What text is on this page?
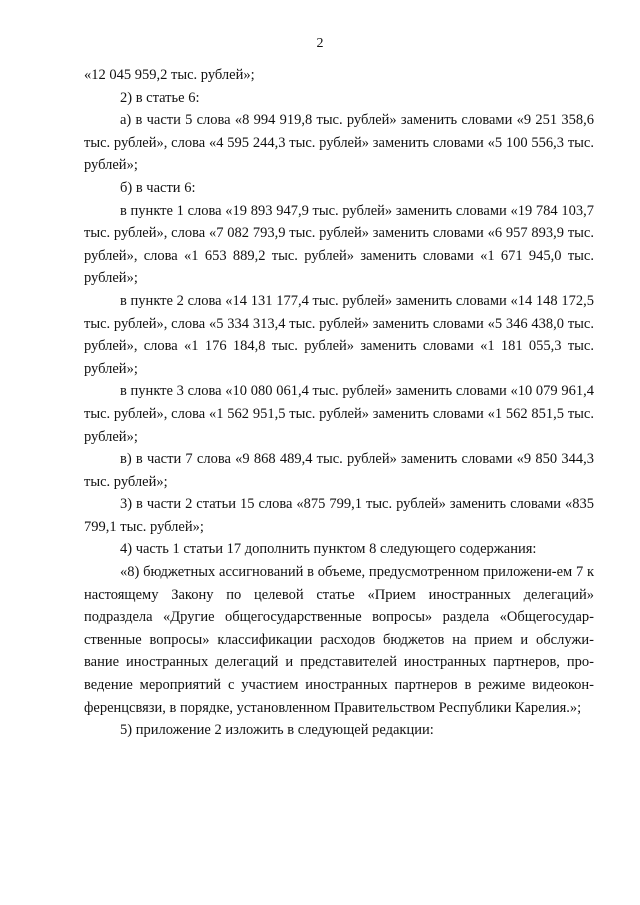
2

«12 045 959,2 тыс. рублей»;

2) в статье 6:

а) в части 5 слова «8 994 919,8 тыс. рублей» заменить словами «9 251 358,6 тыс. рублей», слова «4 595 244,3 тыс. рублей» заменить словами «5 100 556,3 тыс. рублей»;

б) в части 6:

в пункте 1 слова «19 893 947,9 тыс. рублей» заменить словами «19 784 103,7 тыс. рублей», слова «7 082 793,9 тыс. рублей» заменить словами «6 957 893,9 тыс. рублей», слова «1 653 889,2 тыс. рублей» заменить словами «1 671 945,0 тыс. рублей»;

в пункте 2 слова «14 131 177,4 тыс. рублей» заменить словами «14 148 172,5 тыс. рублей», слова «5 334 313,4 тыс. рублей» заменить словами «5 346 438,0 тыс. рублей», слова «1 176 184,8 тыс. рублей» заменить словами «1 181 055,3 тыс. рублей»;

в пункте 3 слова «10 080 061,4 тыс. рублей» заменить словами «10 079 961,4 тыс. рублей», слова «1 562 951,5 тыс. рублей» заменить словами «1 562 851,5 тыс. рублей»;

в) в части 7 слова «9 868 489,4 тыс. рублей» заменить словами «9 850 344,3 тыс. рублей»;

3) в части 2 статьи 15 слова «875 799,1 тыс. рублей» заменить словами «835 799,1 тыс. рублей»;

4) часть 1 статьи 17 дополнить пунктом 8 следующего содержания:

«8) бюджетных ассигнований в объеме, предусмотренном приложени-ем 7 к настоящему Закону по целевой статье «Прием иностранных делегаций» подраздела «Другие общегосударственные вопросы» раздела «Общегосудар-ственные вопросы» классификации расходов бюджетов на прием и обслужи-вание иностранных делегаций и представителей иностранных партнеров, про-ведение мероприятий с участием иностранных партнеров в режиме видеокон-ференцсвязи, в порядке, установленном Правительством Республики Карелия.»;

5) приложение 2 изложить в следующей редакции:
